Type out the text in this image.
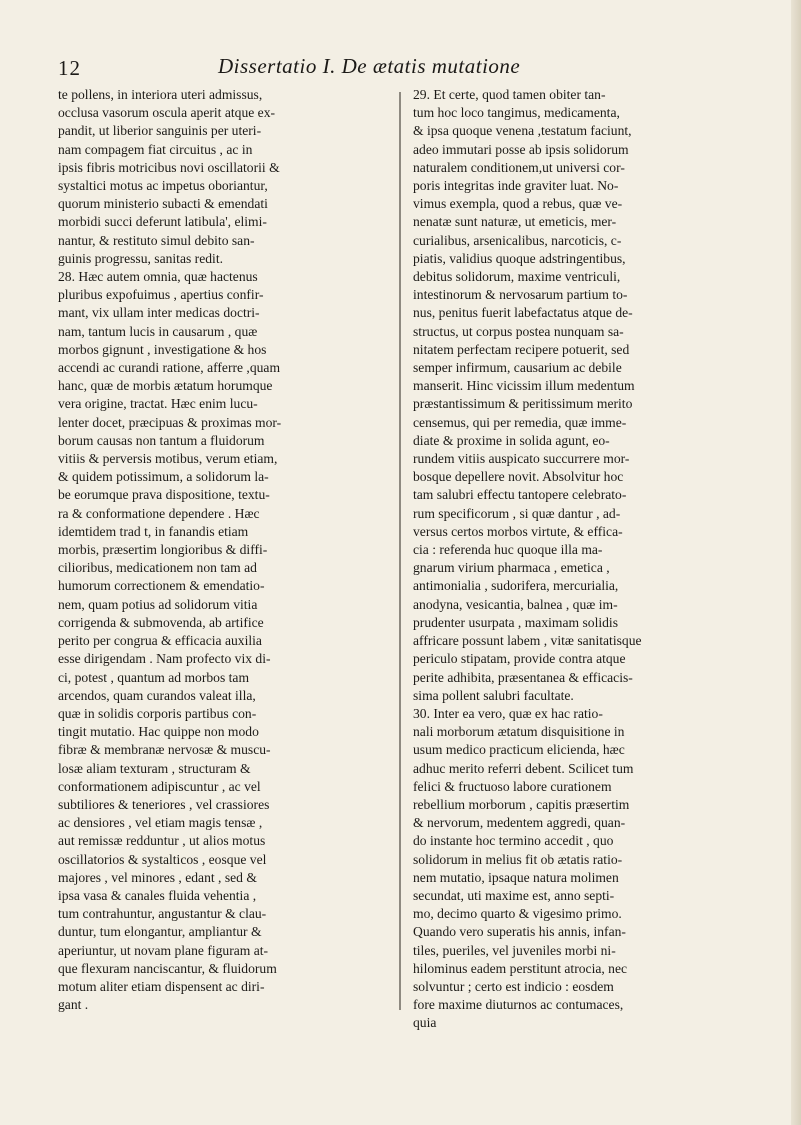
12	Dissertatio I. De ætatis mutatione
te pollens, in interiora uteri admissus,
occlusa vasorum oscula aperit atque ex-
pandit, ut liberior sanguinis per uteri-
nam compagem fiat circuitus , ac in
ipsis fibris motricibus novi oscillatorii &
systaltici motus ac impetus oboriantur,
quorum ministerio subacti & emendati
morbidi succi deferunt latibula', elimi-
nantur, & restituto simul debito san-
guinis progressu, sanitas redit.
28. Hæc autem omnia, quæ hactenus
pluribus expofuimus , apertius confir-
mant, vix ullam inter medicas doctri-
nam, tantum lucis in causarum , quæ
morbos gignunt , investigatione & hos
accendi ac curandi ratione, afferre ,quam
hanc, quæ de morbis ætatum horumque
vera origine, tractat. Hæc enim lucu-
lenter docet, præcipuas & proximas mor-
borum causas non tantum a fluidorum
vitiis & perversis motibus, verum etiam,
& quidem potissimum, a solidorum la-
be eorumque prava dispositione, textu-
ra & conformatione dependere . Hæc
idemtidem trad t, in fanandis etiam
morbis, præsertim longioribus & diffi-
cilioribus, medicationem non tam ad
humorum correctionem & emendatio-
nem, quam potius ad solidorum vitia
corrigenda & submovenda, ab artifice
perito per congrua & efficacia auxilia
esse dirigendam . Nam profecto vix di-
ci, potest , quantum ad morbos tam
arcendos, quam curandos valeat illa,
quæ in solidis corporis partibus con-
tingit mutatio. Hac quippe non modo
fibræ & membranæ nervosæ & muscu-
losæ aliam texturam , structuram &
conformationem adipiscuntur , ac vel
subtiliores & teneriores , vel crassiores
ac densiores , vel etiam magis tensæ ,
aut remissæ redduntur , ut alios motus
oscillatorios & systalticos , eosque vel
majores , vel minores , edant , sed &
ipsa vasa & canales fluida vehentia ,
tum contrahuntur, angustantur & clau-
duntur, tum elongantur, ampliantur &
aperiuntur, ut novam plane figuram at-
que flexuram nanciscantur, & fluidorum
motum aliter etiam dispensent ac diri-
gant .
29. Et certe, quod tamen obiter tan-
tum hoc loco tangimus, medicamenta,
& ipsa quoque venena ,testatum faciunt,
adeo immutari posse ab ipsis solidorum
naturalem conditionem,ut universi cor-
poris integritas inde graviter luat. No-
vimus exempla, quod a rebus, quæ ve-
nenatæ sunt naturæ, ut emeticis, mer-
curialibus, arsenicalibus, narcoticis, c-
piatis, validius quoque adstringentibus,
debitus solidorum, maxime ventriculi,
intestinorum & nervosarum partium to-
nus, penitus fuerit labefactatus atque de-
structus, ut corpus postea nunquam sa-
nitatem perfectam recipere potuerit, sed
semper infirmum, causarium ac debile
manserit. Hinc vicissim illum medentum
præstantissimum & peritissimum merito
censemus, qui per remedia, quæ imme-
diate & proxime in solida agunt, eo-
rundem vitiis auspicato succurrere mor-
bosque depellere novit. Absolvitur hoc
tam salubri effectu tantopere celebrato-
rum specificorum , si quæ dantur , ad-
versus certos morbos virtute, & effica-
cia : referenda huc quoque illa ma-
gnarum virium pharmaca , emetica ,
antimonialia , sudorifera, mercurialia,
anodyna, vesicantia, balnea , quæ im-
prudenter usurpata , maximam solidis
affricare possunt labem , vitæ sanitatisque
periculo stipatam, provide contra atque
perite adhibita, præsentanea & efficacis-
sima pollent salubri facultate.
30. Inter ea vero, quæ ex hac ratio-
nali morborum ætatum disquisitione in
usum medico practicum elicienda, hæc
adhuc merito referri debent. Scilicet tum
felici & fructuoso labore curationem
rebellium morborum , capitis præsertim
& nervorum, medentem aggredi, quan-
do instante hoc termino accedit , quo
solidorum in melius fit ob ætatis ratio-
nem mutatio, ipsaque natura molimen
secundat, uti maxime est, anno septi-
mo, decimo quarto & vigesimo primo.
Quando vero superatis his annis, infan-
tiles, pueriles, vel juveniles morbi ni-
hilominus eadem perstitunt atrocia, nec
solvuntur ; certo est indicio : eosdem
fore maxime diuturnos ac contumaces,
quia
